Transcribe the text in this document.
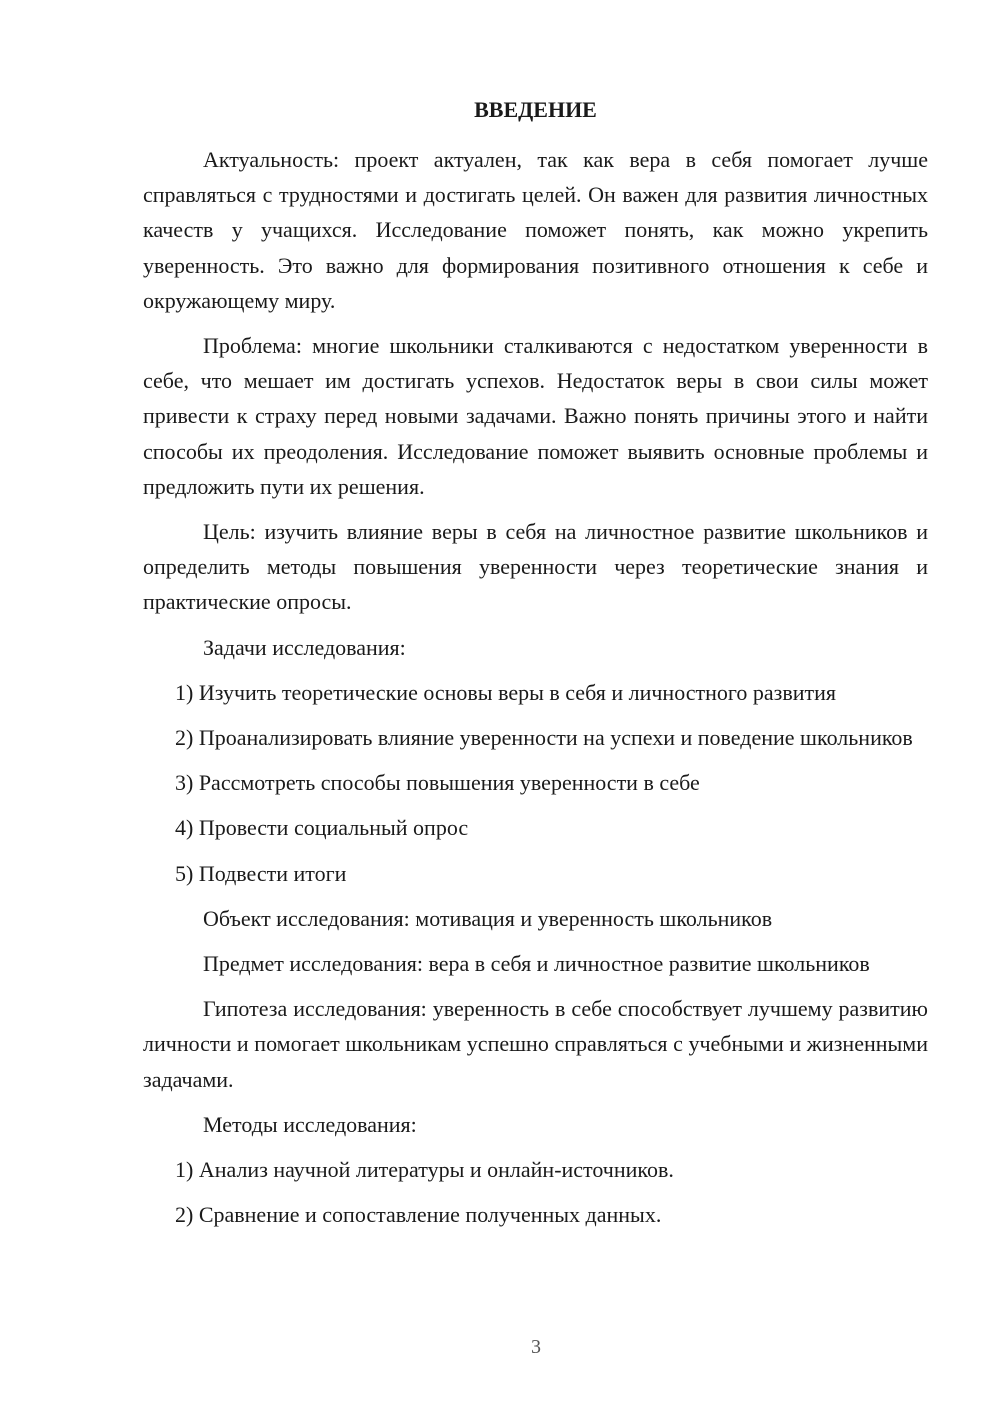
ВВЕДЕНИЕ

Актуальность: проект актуален, так как вера в себя помогает лучше справляться с трудностями и достигать целей. Он важен для развития личностных качеств у учащихся. Исследование поможет понять, как можно укрепить уверенность. Это важно для формирования позитивного отношения к себе и окружающему миру.

Проблема: многие школьники сталкиваются с недостатком уверенности в себе, что мешает им достигать успехов. Недостаток веры в свои силы может привести к страху перед новыми задачами. Важно понять причины этого и найти способы их преодоления. Исследование поможет выявить основные проблемы и предложить пути их решения.

Цель: изучить влияние веры в себя на личностное развитие школьников и определить методы повышения уверенности через теоретические знания и практические опросы.

Задачи исследования:

1) Изучить теоретические основы веры в себя и личностного развития

2) Проанализировать влияние уверенности на успехи и поведение школьников

3) Рассмотреть способы повышения уверенности в себе

4) Провести социальный опрос

5) Подвести итоги

Объект исследования: мотивация и уверенность школьников

Предмет исследования: вера в себя и личностное развитие школьников

Гипотеза исследования: уверенность в себе способствует лучшему развитию личности и помогает школьникам успешно справляться с учебными и жизненными задачами.

Методы исследования:

1) Анализ научной литературы и онлайн-источников.

2) Сравнение и сопоставление полученных данных.

3
